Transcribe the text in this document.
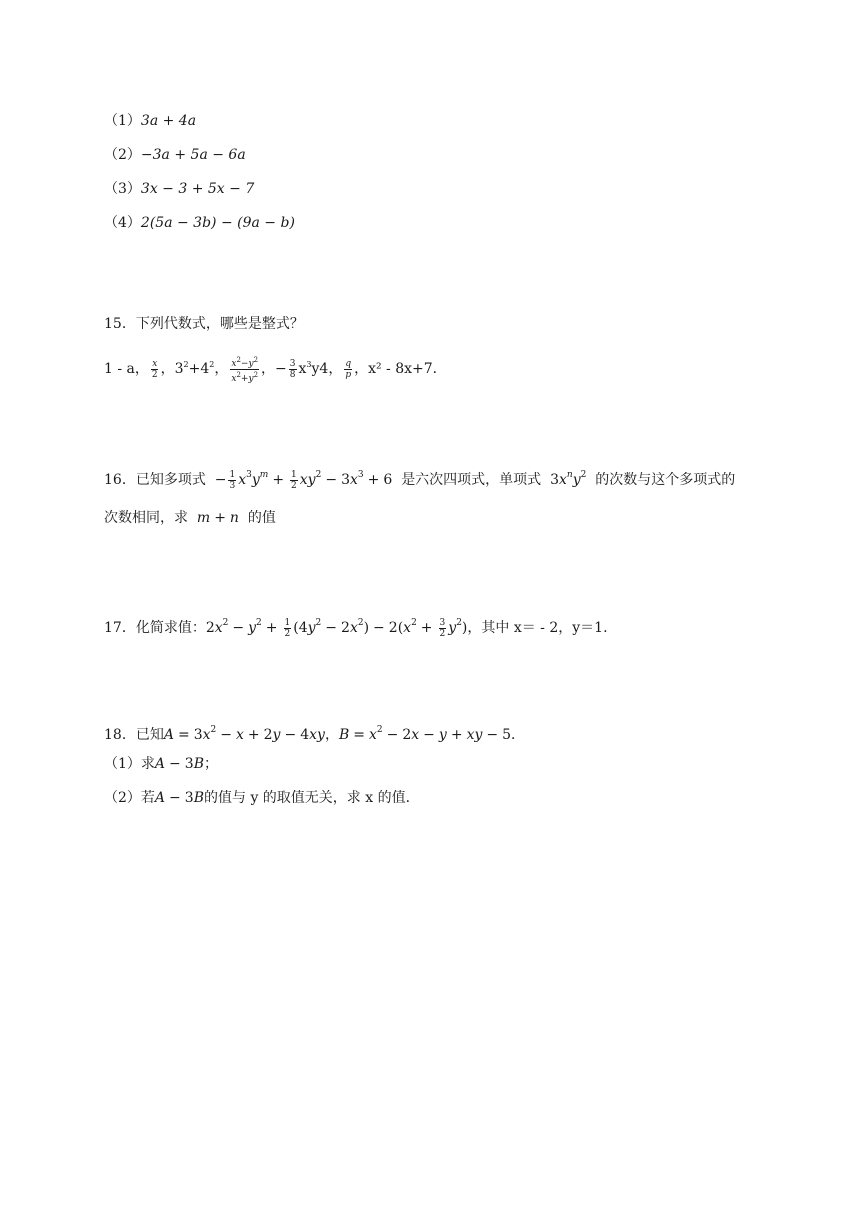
（1）3a + 4a
（2）−3a + 5a − 6a
（3）3x − 3 + 5x − 7
（4）2(5a − 3b) − (9a − b)
15．下列代数式，哪些是整式？
1 - a， $\frac{x}{2}$ ，$3^2+4^2$， $\frac{x^2-y^2}{x^2+y^2}$ ，− $\frac{3}{8} x^3y4$， $\frac{q}{p}$ ，x² - 8x+7．
16．已知多项式  − $\frac{1}{3} x^3y^m + \frac{1}{2} xy^2 - 3x^3 + 6$ 是六次四项式，单项式 $3x^ny^2$ 的次数与这个多项式的
次数相同，求  m + n  的值
17．化简求值：$2x^2 - y^2 + \frac{1}{2} (4y^2 - 2x^2) - 2(x^2 + \frac{3}{2} y^2)$，其中 x＝ - 2，y＝1.
18．已知$A = 3x^2 - x + 2y - 4xy$，$B = x^2 - 2x - y$ + xy − 5．
（1）求A − 3B；
（2）若A − 3B的值与 y 的取值无关，求 x 的值．
